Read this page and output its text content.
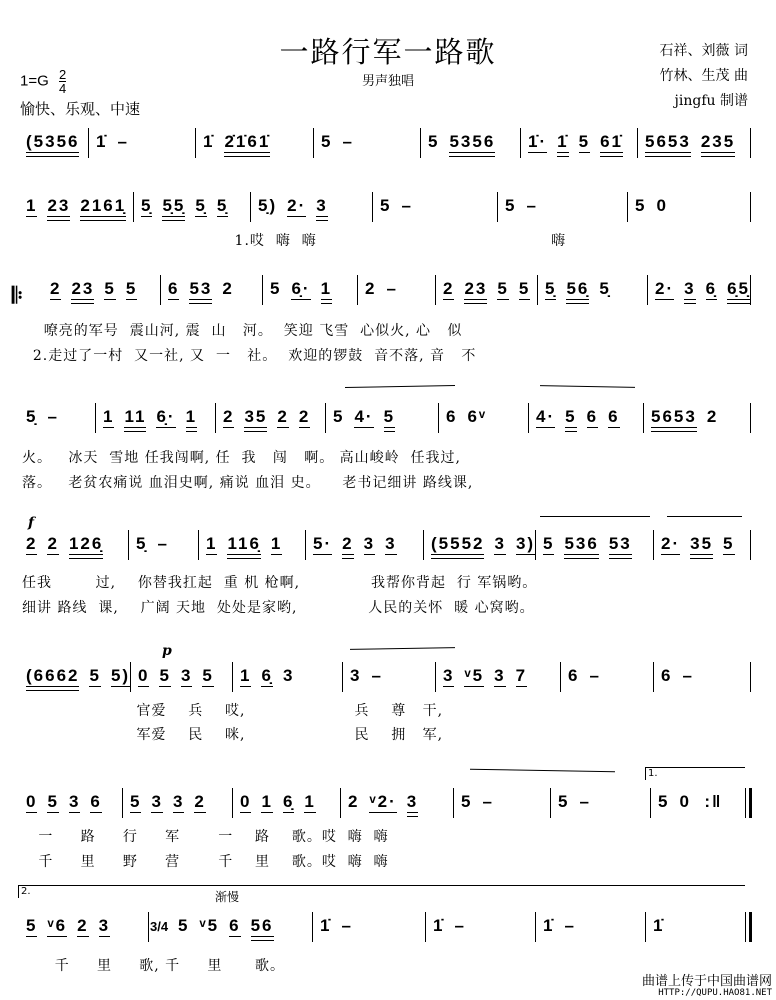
一路行军一路歌
男声独唱
石祥、刘薇 词
竹林、生茂 曲
jingfu 制谱
$1=G \frac{2}{4}$
愉快、乐观、中速
(5356 1̇ –	1̇ 2̇1̇61̇	5 –	5 5356 1̇· 1̇ 5 61̇ 5653 235
1 23 2161̣ 5̣ 5̣5̣ 5̣ 5̣ 5̣) 2· 3	5 –	5 –	5 0
1.哎  嗨  嗨                                           嗨
2 23 5 5 6 53 2 5 6̣· 1 2 –	2 23 5 5 5̣ 56̣ 5̣	2· 3 6̣ 6̣5̣
嘹亮的军号  震山河, 震  山   河。  笑迎 飞雪  心似火, 心   似
2.走过了一村  又一社, 又  一   社。  欢迎的锣鼓  音不落, 音   不
5̣ –	1 11 6̣· 1 2 35 2 2 5 4· 5	6 6ᵛ	4· 5 6 6 5653 2
火。   冰天  雪地 任我闯啊, 任  我   闯   啊。 高山峻岭  任我过,
落。   老贫农痛说 血泪史啊, 痛说 血泪 史。    老书记细讲 路线课,
2 2 126̣ 5̣ – 1 116̣ 1 5· 2 3 3 (5552 3 3) 5 536 53 2· 35 5
任我        过,    你替我扛起  重 机 枪啊,             我帮你背起  行 军锅哟。
细讲 路线  课,    广阔 天地  处处是家哟,             人民的关怀  暖 心窝哟。
(6662 5 5) 0 5 3 5 1 6̣ 3	3 –	3 ᵛ5 3 7 6 –	6 –
官爱    兵    哎,                    兵    尊   干,
军爱    民    咪,                    民    拥   军,
0 5 3 6 5 3 3 2 0 1 6̣ 1 2 ᵛ2· 3	5 –	5 –	5 0  :‖
一     路     行     军       一    路    歌。哎  嗨  嗨
千     里     野     营       千    里    歌。哎  嗨  嗨
5 ᵛ6 2 3	5 ᵛ5 6 56	1̇ –	1̇ –	1̇ –	1̇
千     里     歌, 千     里      歌。
𝄆
f
p
渐慢
1.
2.
3/4
曲谱上传于中国曲谱网
HTTP://QUPU.HAO81.NET
